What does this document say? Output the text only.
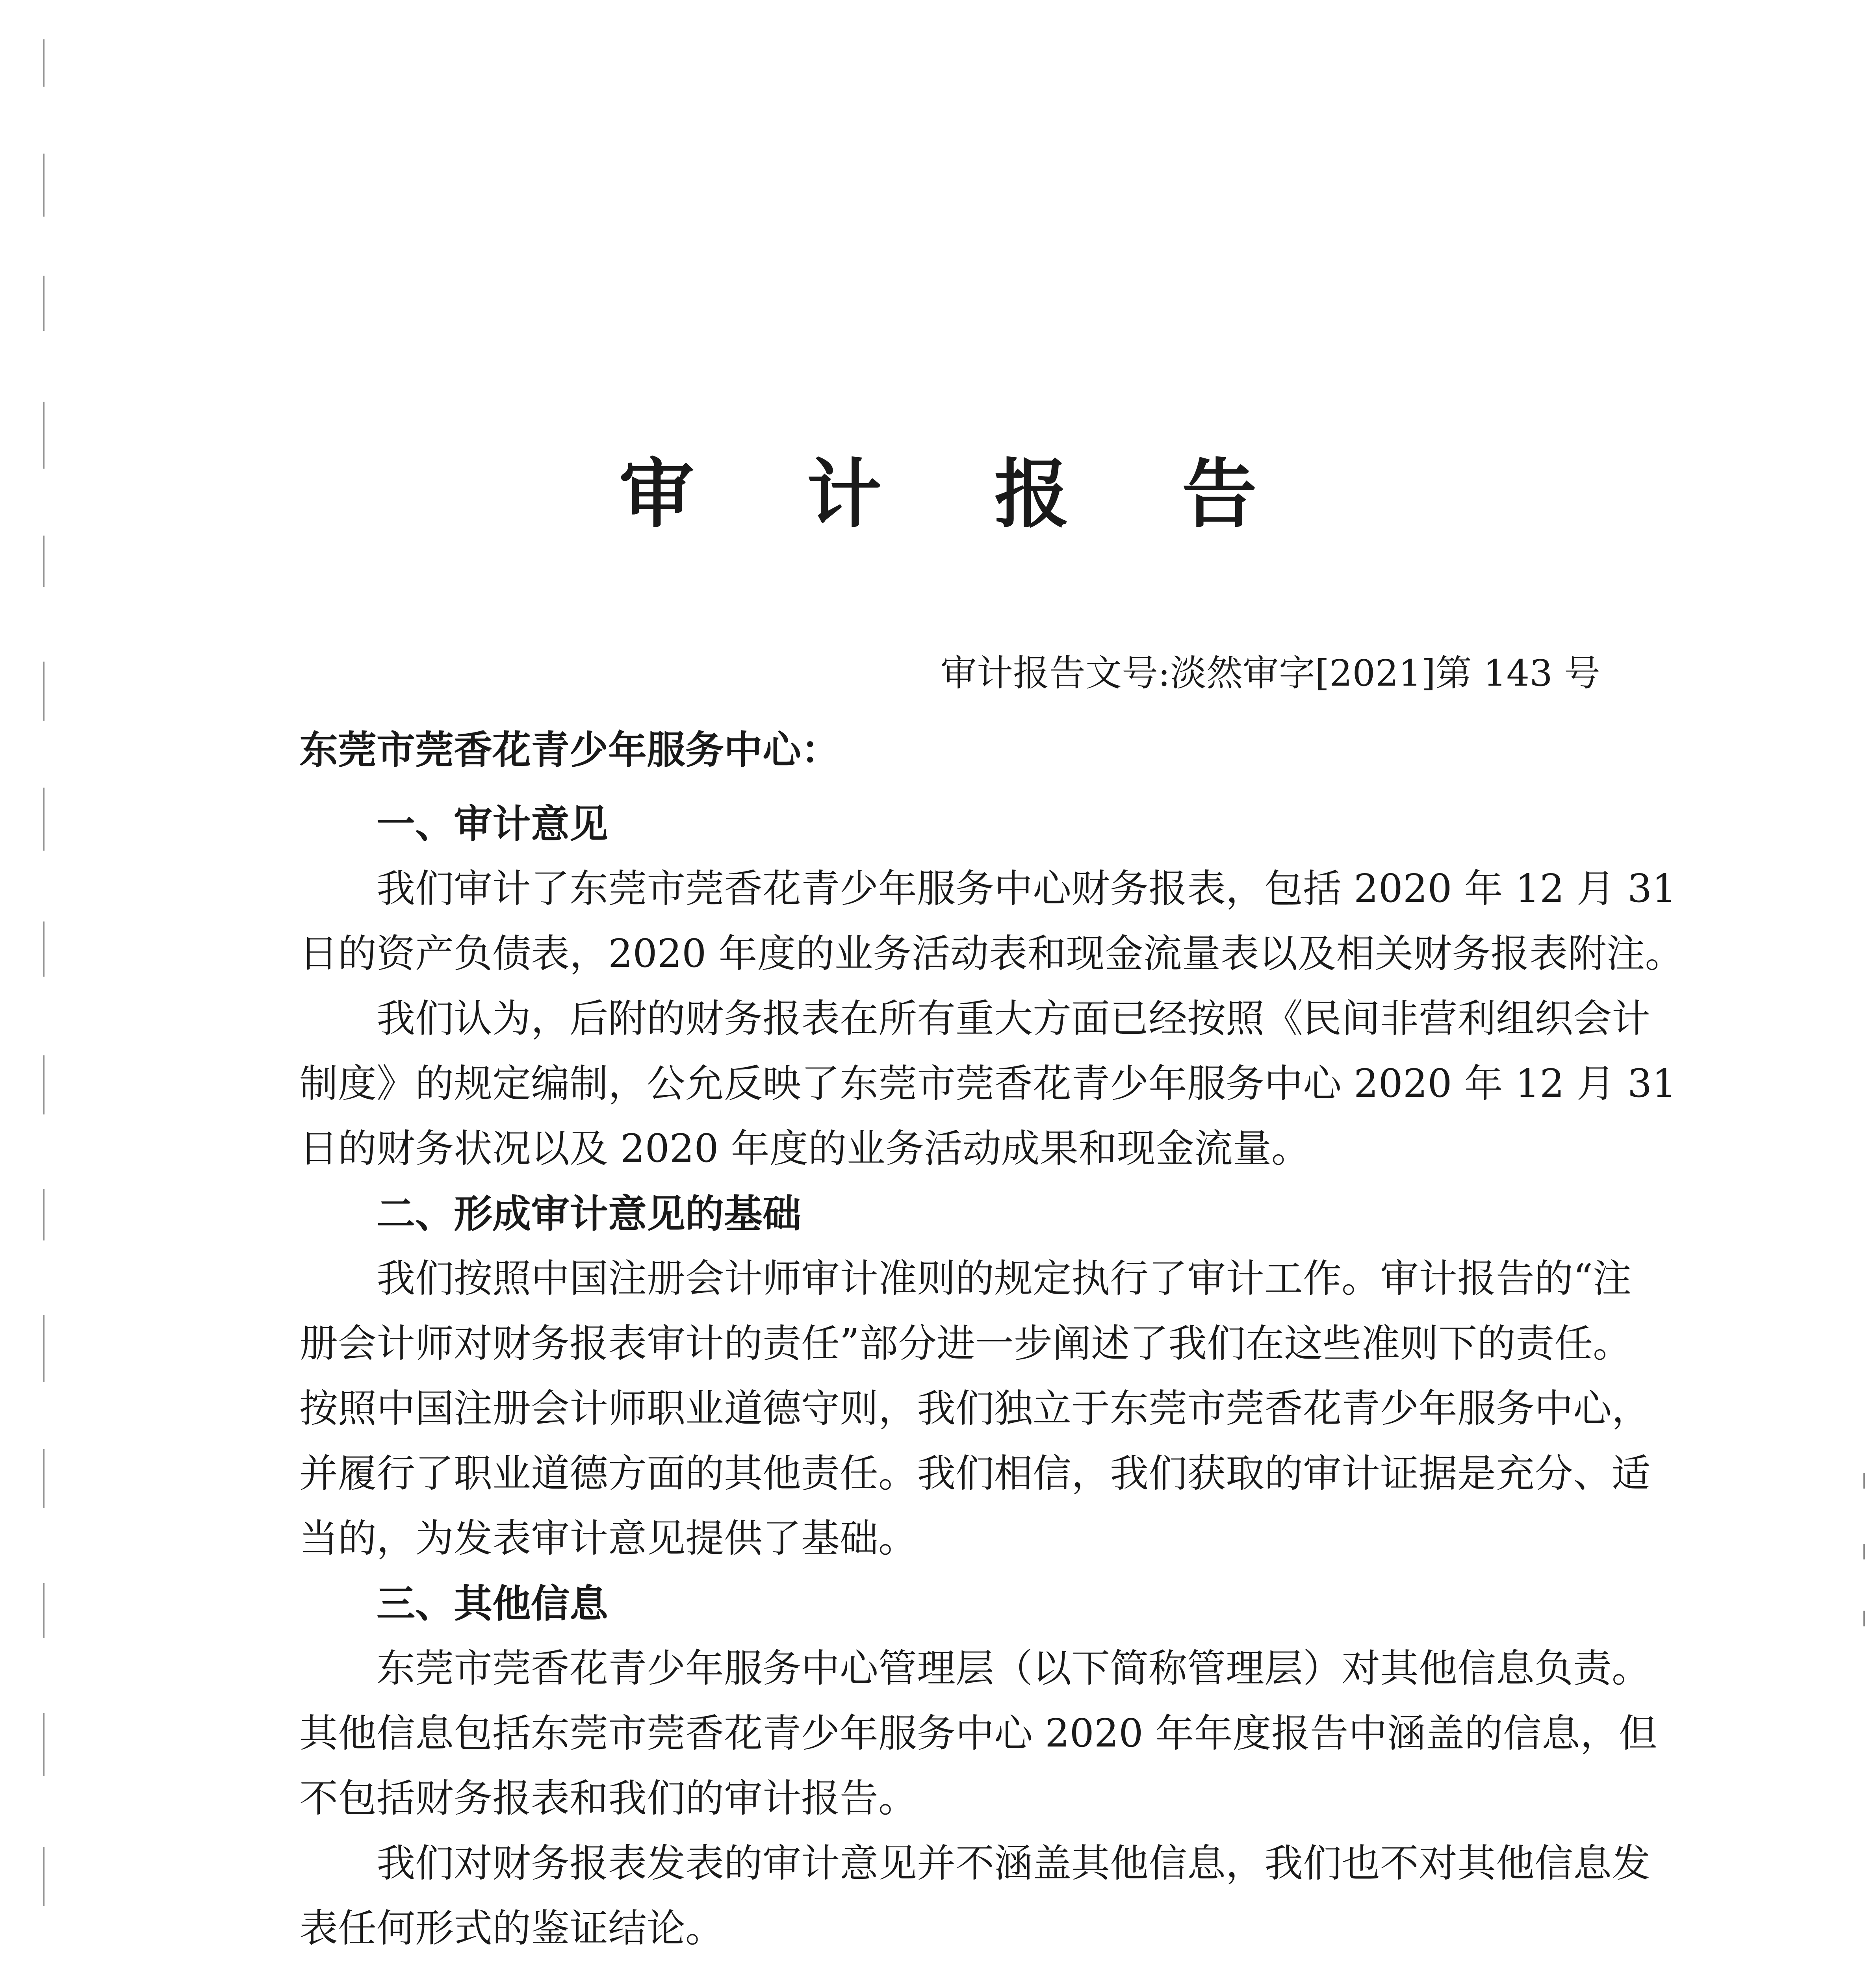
审 计 报 告
审计报告文号:淡然审字[2021]第 143 号
东莞市莞香花青少年服务中心：
一、审计意见
我们审计了东莞市莞香花青少年服务中心财务报表，包括 2020 年 12 月 31
日的资产负债表，2020 年度的业务活动表和现金流量表以及相关财务报表附注。
我们认为，后附的财务报表在所有重大方面已经按照《民间非营利组织会计
制度》的规定编制，公允反映了东莞市莞香花青少年服务中心 2020 年 12 月 31
日的财务状况以及 2020 年度的业务活动成果和现金流量。
二、形成审计意见的基础
我们按照中国注册会计师审计准则的规定执行了审计工作。审计报告的“注
册会计师对财务报表审计的责任”部分进一步阐述了我们在这些准则下的责任。
按照中国注册会计师职业道德守则，我们独立于东莞市莞香花青少年服务中心，
并履行了职业道德方面的其他责任。我们相信，我们获取的审计证据是充分、适
当的，为发表审计意见提供了基础。
三、其他信息
东莞市莞香花青少年服务中心管理层（以下简称管理层）对其他信息负责。
其他信息包括东莞市莞香花青少年服务中心 2020 年年度报告中涵盖的信息，但
不包括财务报表和我们的审计报告。
我们对财务报表发表的审计意见并不涵盖其他信息，我们也不对其他信息发
表任何形式的鉴证结论。
